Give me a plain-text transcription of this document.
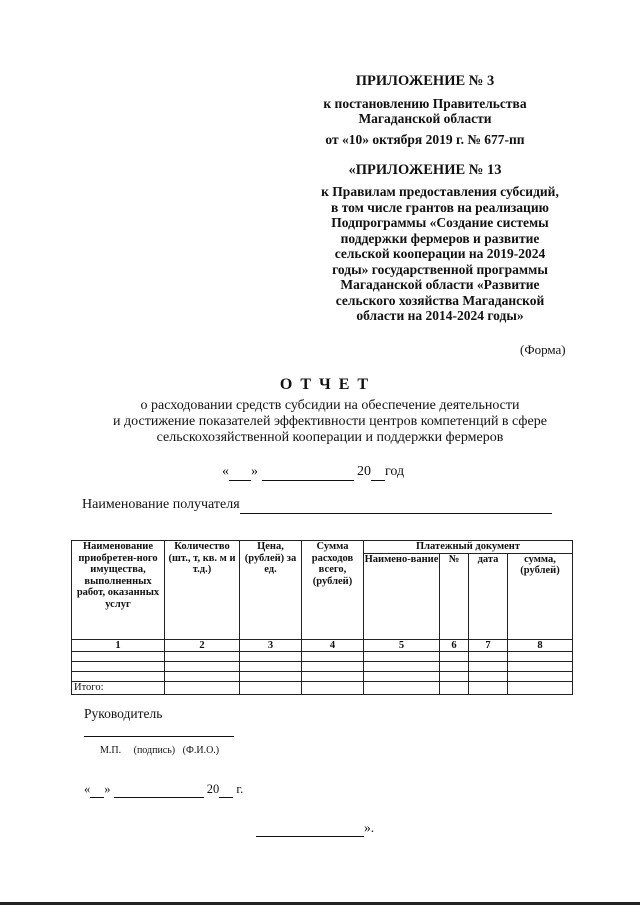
ПРИЛОЖЕНИЕ № 3
к постановлению Правительства
Магаданской области
от «10» октября 2019 г. № 677-пп
«ПРИЛОЖЕНИЕ № 13
к Правилам предоставления субсидий,
в том числе грантов на реализацию
Подпрограммы «Создание системы
поддержки фермеров и развитие
сельской кооперации на 2019-2024
годы» государственной программы
Магаданской области «Развитие
сельского хозяйства Магаданской
области на 2014-2024 годы»
(Форма)
О Т Ч Е Т
о расходовании средств субсидии на обеспечение деятельности
и достижение показателей эффективности центров компетенций в сфере
сельскохозяйственной кооперации и поддержки фермеров
« »	20 год
Наименование получателя
Наименование приобретен-ного имущества, выполненных работ, оказанных услуг	Количество (шт., т, кв. м и т.д.)	Цена, (рублей) за ед.	Сумма расходов всего, (рублей)	Платежный документ			
				Наимено-вание	№	дата	сумма, (рублей)
1	2	3	4	5	6	7	8

Итого:							
Руководитель
М.П.     (подпись)   (Ф.И.О.)
« »	20 г.
».
